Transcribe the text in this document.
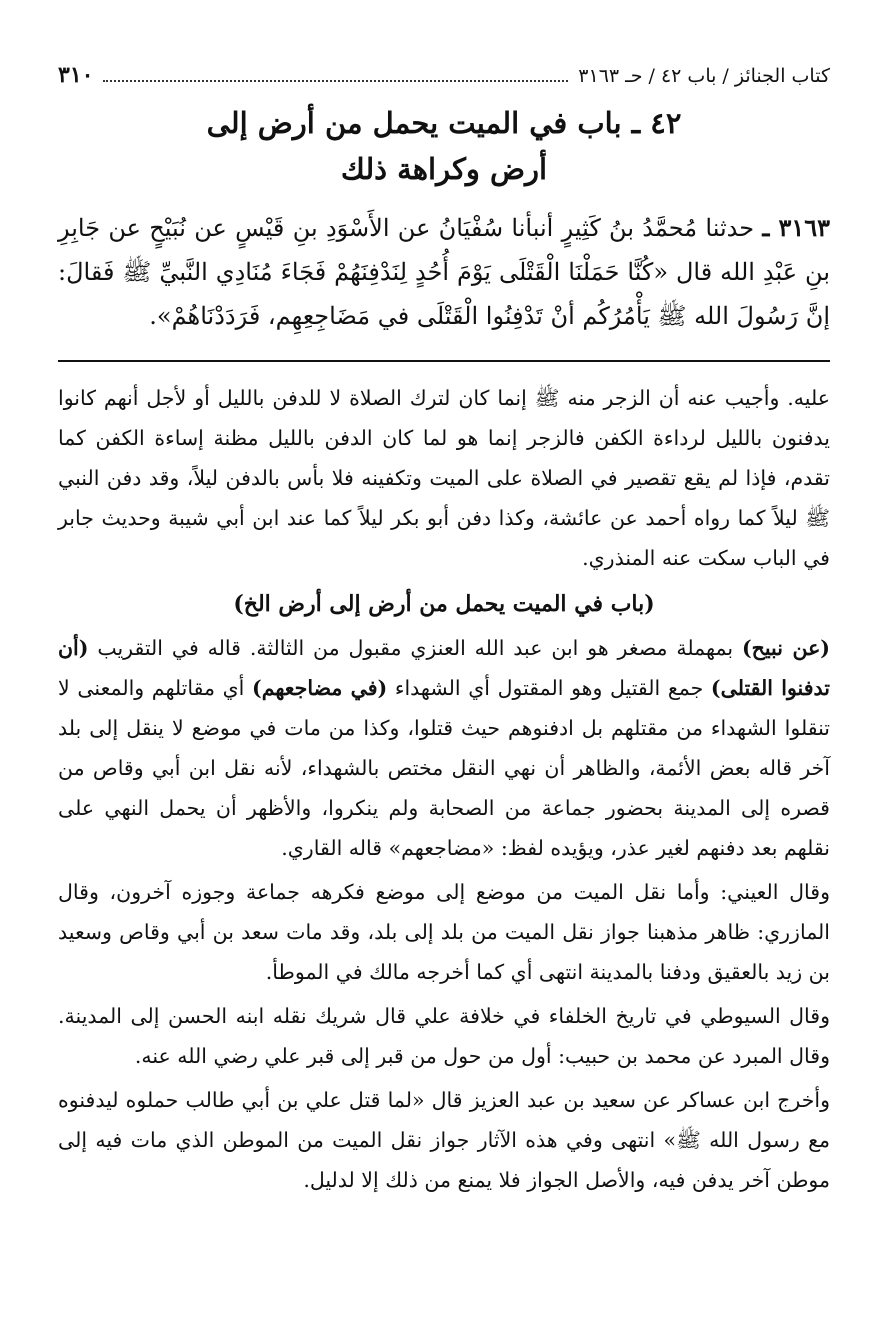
كتاب الجنائز / باب ٤٢ / حـ ٣١٦٣
٣١٠
٤٢ ـ باب في الميت يحمل من أرض إلى
أرض وكراهة ذلك
٣١٦٣ ـ حدثنا مُحمَّدُ بنُ كَثِيرٍ أنبأنا سُفْيَانُ عن الأَسْوَدِ بنِ قَيْسٍ عن نُبَيْحٍ عن جَابِرِ بنِ عَبْدِ الله قال «كُنَّا حَمَلْنَا الْقَتْلَى يَوْمَ أُحُدٍ لِنَدْفِنَهُمْ فَجَاءَ مُنَادِي النَّبيِّ ﷺ فَقالَ: إنَّ رَسُولَ الله ﷺ يَأْمُرُكُم أنْ تَدْفِنُوا الْقَتْلَى في مَضَاجِعِهِم، فَرَدَدْنَاهُمْ».

عليه. وأجيب عنه أن الزجر منه ﷺ إنما كان لترك الصلاة لا للدفن بالليل أو لأجل أنهم كانوا يدفنون بالليل لرداءة الكفن فالزجر إنما هو لما كان الدفن بالليل مظنة إساءة الكفن كما تقدم، فإذا لم يقع تقصير في الصلاة على الميت وتكفينه فلا بأس بالدفن ليلاً، وقد دفن النبي ﷺ ليلاً كما رواه أحمد عن عائشة، وكذا دفن أبو بكر ليلاً كما عند ابن أبي شيبة وحديث جابر في الباب سكت عنه المنذري.

(باب في الميت يحمل من أرض إلى أرض الخ)

(عن نبيح) بمهملة مصغر هو ابن عبد الله العنزي مقبول من الثالثة. قاله في التقريب (أن تدفنوا القتلى) جمع القتيل وهو المقتول أي الشهداء (في مضاجعهم) أي مقاتلهم والمعنى لا تنقلوا الشهداء من مقتلهم بل ادفنوهم حيث قتلوا، وكذا من مات في موضع لا ينقل إلى بلد آخر قاله بعض الأئمة، والظاهر أن نهي النقل مختص بالشهداء، لأنه نقل ابن أبي وقاص من قصره إلى المدينة بحضور جماعة من الصحابة ولم ينكروا، والأظهر أن يحمل النهي على نقلهم بعد دفنهم لغير عذر، ويؤيده لفظ: «مضاجعهم» قاله القاري.

وقال العيني: وأما نقل الميت من موضع إلى موضع فكرهه جماعة وجوزه آخرون، وقال المازري: ظاهر مذهبنا جواز نقل الميت من بلد إلى بلد، وقد مات سعد بن أبي وقاص وسعيد بن زيد بالعقيق ودفنا بالمدينة انتهى أي كما أخرجه مالك في الموطأ.

وقال السيوطي في تاريخ الخلفاء في خلافة علي قال شريك نقله ابنه الحسن إلى المدينة. وقال المبرد عن محمد بن حبيب: أول من حول من قبر إلى قبر علي رضي الله عنه.

وأخرج ابن عساكر عن سعيد بن عبد العزيز قال «لما قتل علي بن أبي طالب حملوه ليدفنوه مع رسول الله ﷺ» انتهى وفي هذه الآثار جواز نقل الميت من الموطن الذي مات فيه إلى موطن آخر يدفن فيه، والأصل الجواز فلا يمنع من ذلك إلا لدليل.
